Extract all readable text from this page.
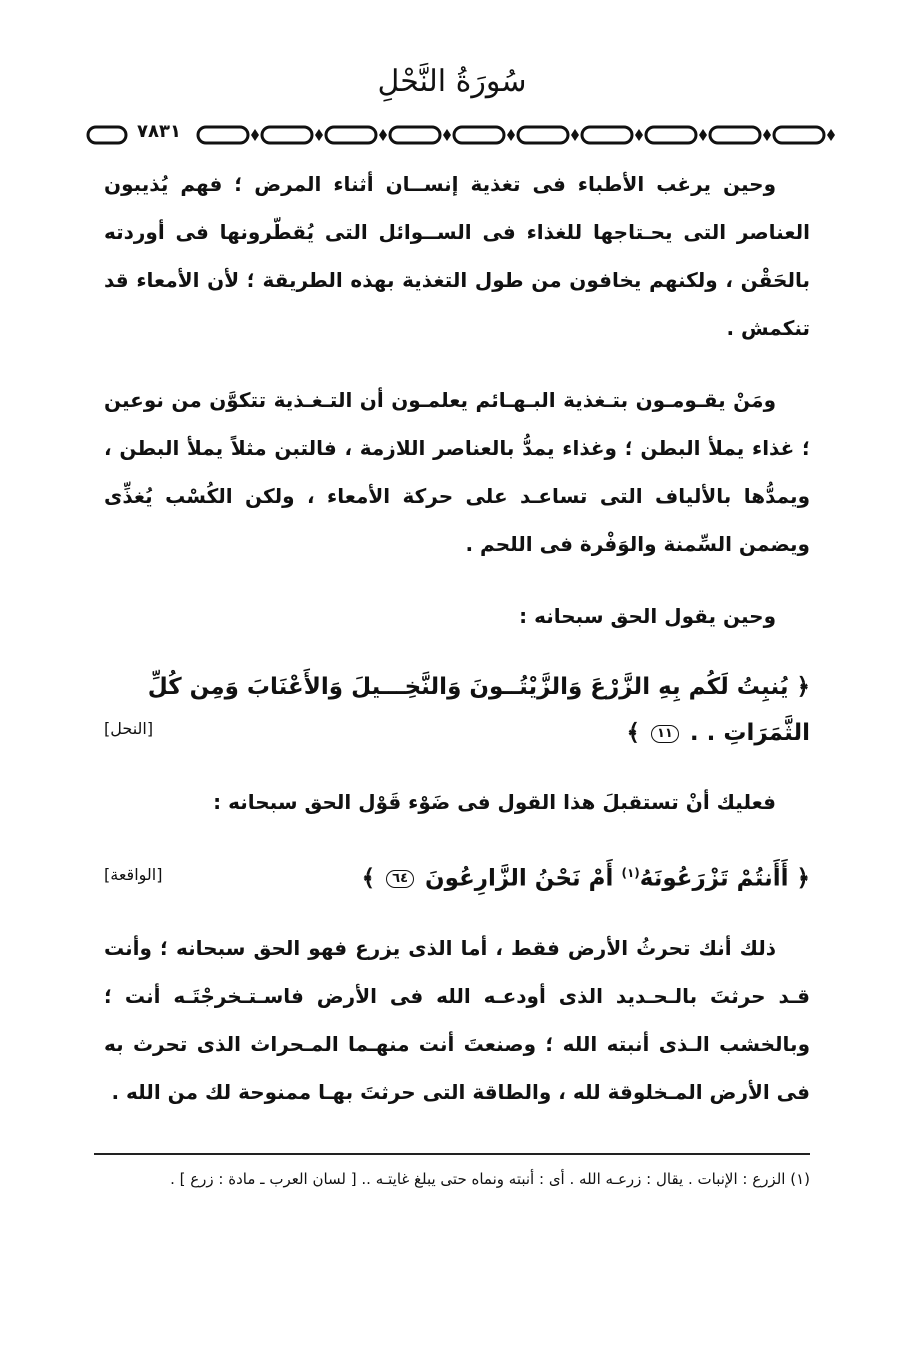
سُورَةُ النَّحْلِ
٧٨٣١

وحين يرغب الأطباء فى تغذية إنســان أثناء المرض ؛ فهم يُذيبون العناصر التى يحـتاجها للغذاء فى الســوائل التى يُقطّرونها فى أوردته بالحَقْن ، ولكنهم يخافون من طول التغذية بهذه الطريقة ؛ لأن الأمعاء قد تنكمش .

ومَنْ يقـومـون بتـغذية البـهـائم يعلمـون أن التـغـذية تتكوَّن من نوعين ؛ غذاء يملأ البطن ؛ وغذاء يمدُّ بالعناصر اللازمة ، فالتبن مثلاً يملأ البطن ، ويمدُّها بالألياف التى تساعـد على حركة الأمعاء ، ولكن الكُسْب يُغذِّى ويضمن السِّمنة والوَفْرة فى اللحم .

وحين يقول الحق سبحانه :

﴿ يُنبِتُ لَكُم بِهِ الزَّرْعَ وَالزَّيْتُــونَ وَالنَّخِـــيلَ وَالأَعْنَابَ وَمِن كُلِّ
الثَّمَرَاتِ . . ١١ ﴾
[النحل]

فعليك أنْ تستقبلَ هذا القول فى ضَوْء قَوْل الحق سبحانه :

﴿ أَأَنتُمْ تَزْرَعُونَهُ$^{(١)}$ أَمْ نَحْنُ الزَّارِعُونَ ٦٤ ﴾
[الواقعة]

ذلك أنك تحرثُ الأرض فقط ، أما الذى يزرع فهو الحق سبحانه ؛ وأنت قـد حرثتَ بالـحـديد الذى أودعـه الله فى الأرض فاسـتـخرجْتَـه أنت ؛ وبالخشب الـذى أنبته الله ؛ وصنعتَ أنت منهـما المـحراث الذى تحرث به فى الأرض المـخلوقة لله ، والطاقة التى حرثتَ بهـا ممنوحة لك من الله .

(١) الزرع : الإنبات . يقال : زرعـه الله . أى : أنبته ونماه حتى يبلغ غايتـه .. [ لسان العرب ـ مادة : زرع ] .
